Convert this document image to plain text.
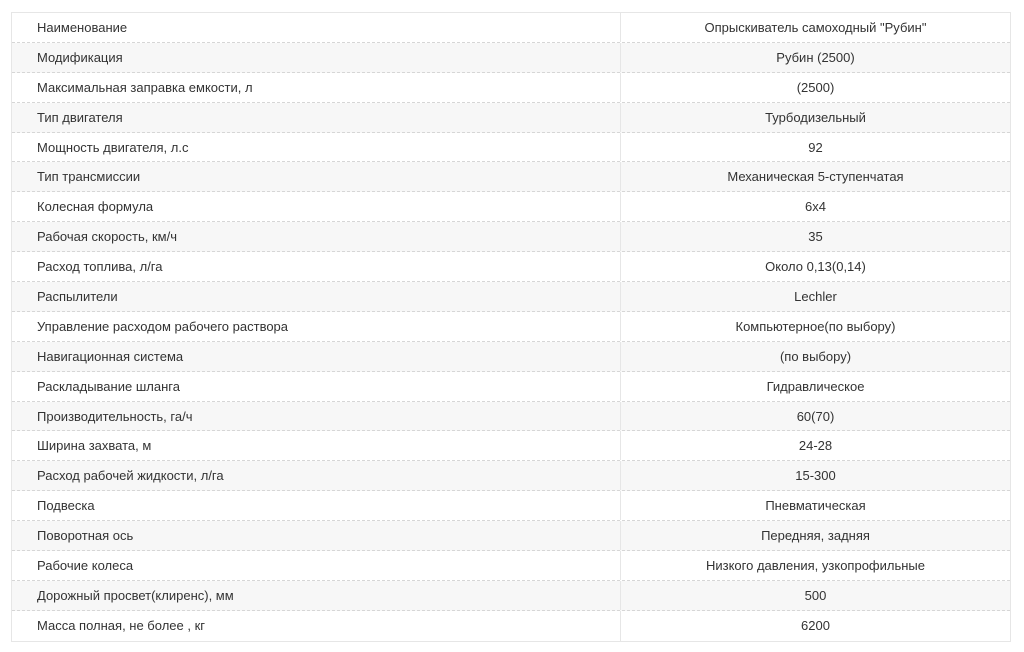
Наименование	Опрыскиватель самоходный "Рубин"
Модификация	Рубин (2500)
Максимальная заправка емкости, л	(2500)
Тип двигателя	Турбодизельный
Мощность двигателя, л.с	92
Тип трансмиссии	Механическая 5-ступенчатая
Колесная формула	6х4
Рабочая скорость, км/ч	35
Расход топлива, л/га	Около 0,13(0,14)
Распылители	Lechler
Управление расходом рабочего раствора	Компьютерное(по выбору)
Навигационная система	(по выбору)
Раскладывание шланга	Гидравлическое
Производительность, га/ч	60(70)
Ширина захвата, м	24-28
Расход рабочей жидкости, л/га	15-300
Подвеска	Пневматическая
Поворотная ось	Передняя, задняя
Рабочие колеса	Низкого давления, узкопрофильные
Дорожный просвет(клиренс), мм	500
Масса полная, не более , кг	6200
